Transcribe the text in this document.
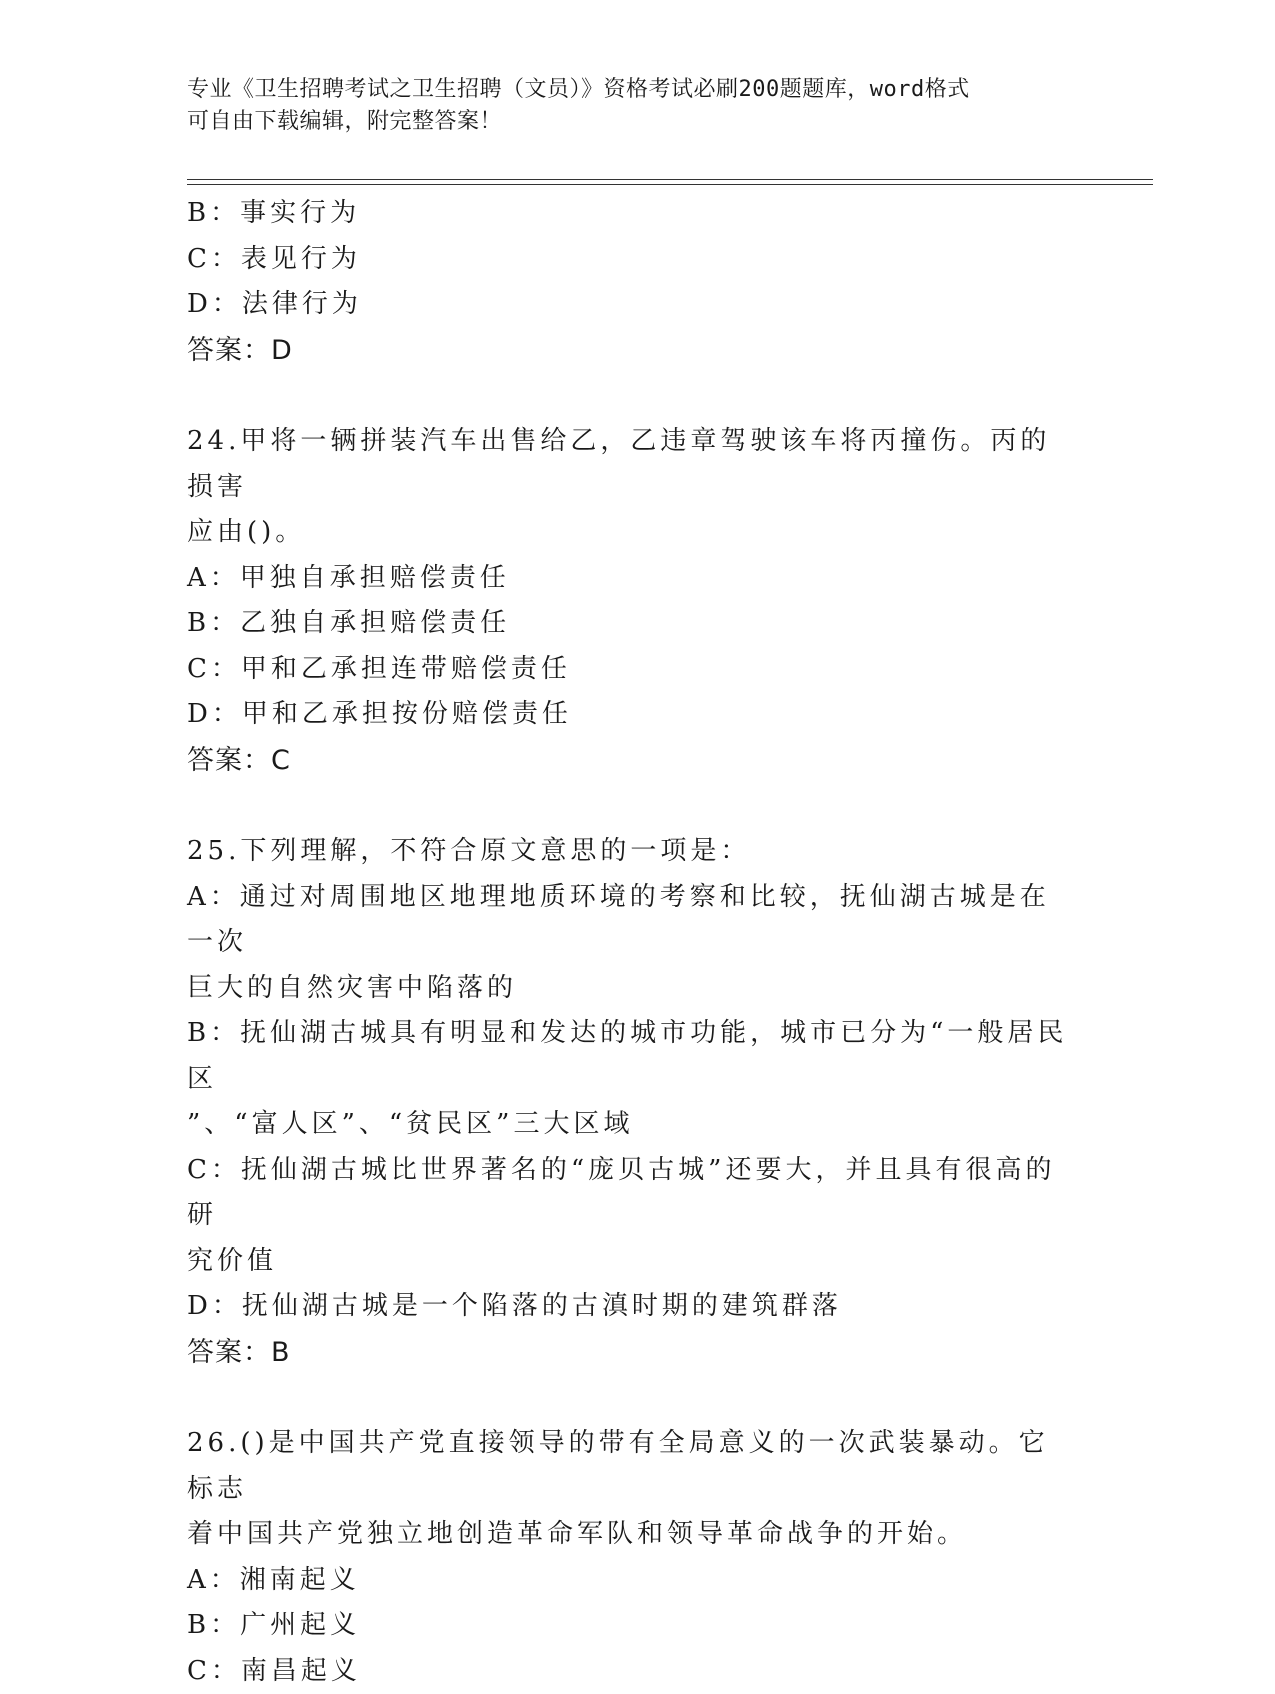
专业《卫生招聘考试之卫生招聘（文员）》资格考试必刷200题题库，word格式
可自由下载编辑，附完整答案！
B：事实行为
C：表见行为
D：法律行为
答案：D
24.甲将一辆拼装汽车出售给乙，乙违章驾驶该车将丙撞伤。丙的损害
应由()。
A：甲独自承担赔偿责任
B：乙独自承担赔偿责任
C：甲和乙承担连带赔偿责任
D：甲和乙承担按份赔偿责任
答案：C
25.下列理解，不符合原文意思的一项是：
A：通过对周围地区地理地质环境的考察和比较，抚仙湖古城是在一次
巨大的自然灾害中陷落的
B：抚仙湖古城具有明显和发达的城市功能，城市已分为“一般居民区
”、“富人区”、“贫民区”三大区域
C：抚仙湖古城比世界著名的“庞贝古城”还要大，并且具有很高的研
究价值
D：抚仙湖古城是一个陷落的古滇时期的建筑群落
答案：B
26.()是中国共产党直接领导的带有全局意义的一次武装暴动。它标志
着中国共产党独立地创造革命军队和领导革命战争的开始。
A：湘南起义
B：广州起义
C：南昌起义
